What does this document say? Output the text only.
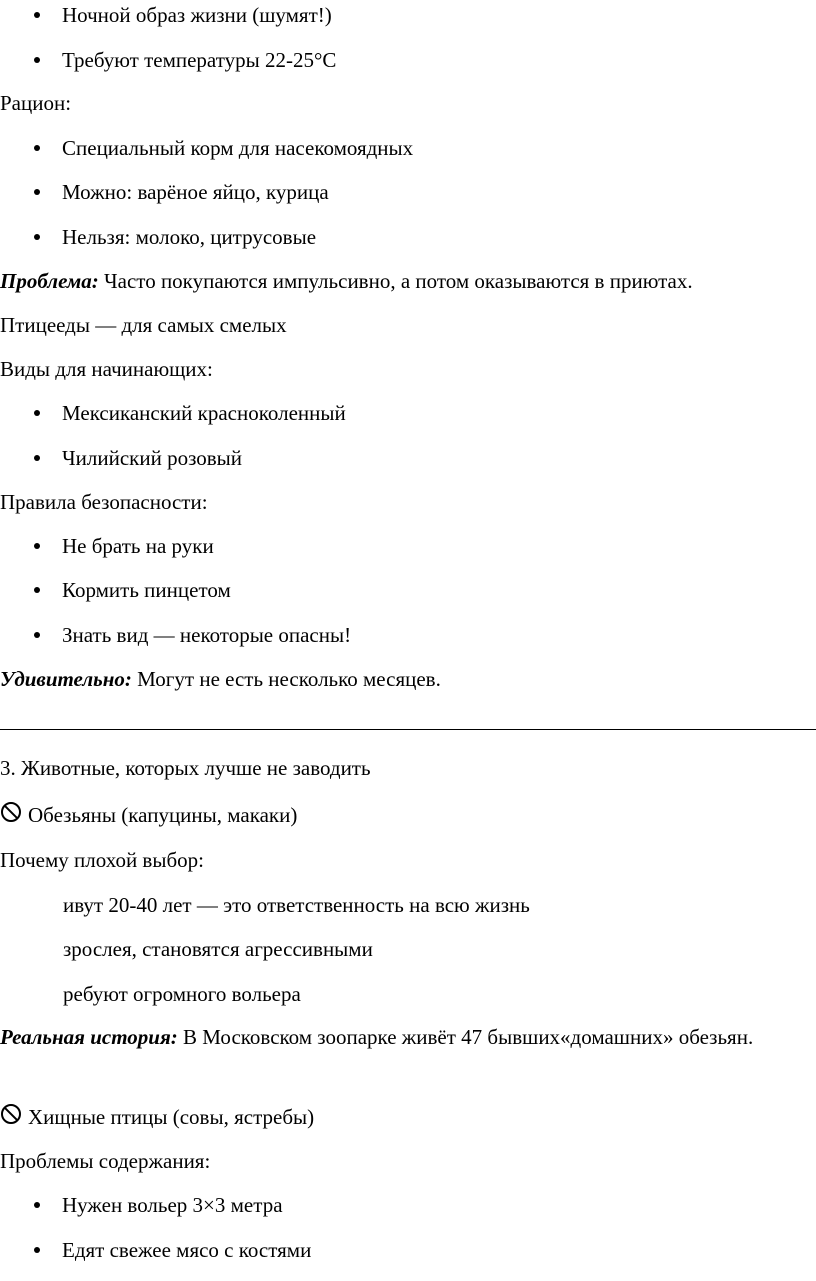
Ночной образ жизни (шумят!)
Требуют температуры 22-25°С
Рацион:
Специальный корм для насекомоядных
Можно: варёное яйцо, курица
Нельзя: молоко, цитрусовые
Проблема: Часто покупаются импульсивно, а потом оказываются в приютах.
Птицееды — для самых смелых
Виды для начинающих:
Мексиканский красноколенный
Чилийский розовый
Правила безопасности:
Не брать на руки
Кормить пинцетом
Знать вид — некоторые опасны!
Удивительно: Могут не есть несколько месяцев.
3. Животные, которых лучше не заводить
Обезьяны (капуцины, макаки)
Почему плохой выбор:
ивут 20-40 лет — это ответственность на всю жизнь
зрослея, становятся агрессивными
ребуют огромного вольера
Реальная история: В Московском зоопарке живёт 47 бывших«домашних» обезьян.
Хищные птицы (совы, ястребы)
Проблемы содержания:
Нужен вольер 3×3 метра
Едят свежее мясо с костями
